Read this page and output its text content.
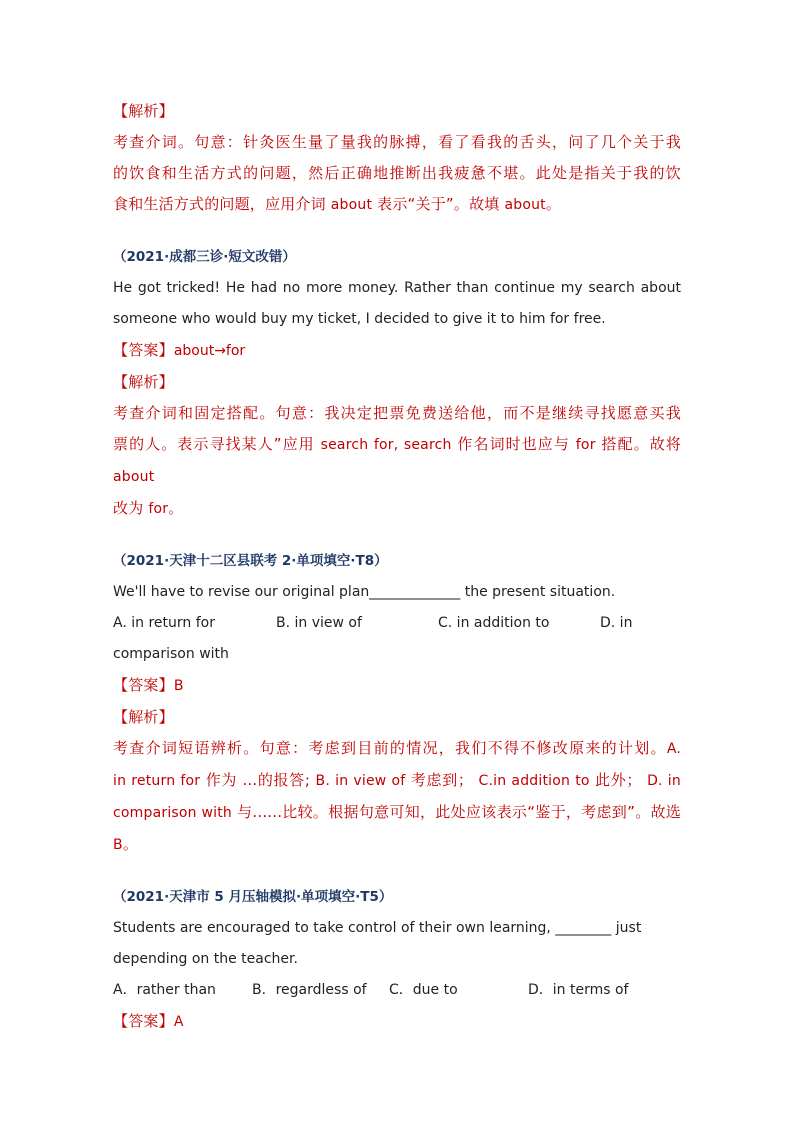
【解析】
考查介词。句意：针灸医生量了量我的脉搏，看了看我的舌头，问了几个关于我
的饮食和生活方式的问题，然后正确地推断出我疲惫不堪。此处是指关于我的饮
食和生活方式的问题，应用介词 about 表示“关于”。故填 about。
（2021·成都三诊·短文改错）
He got tricked! He had no more money. Rather than continue my search about
someone who would buy my ticket, I decided to give it to him for free.
【答案】about→for
【解析】
考查介词和固定搭配。句意：我决定把票免费送给他，而不是继续寻找愿意买我
票的人。表示寻找某人”应用 search for, search 作名词时也应与 for 搭配。故将 about
改为 for。
（2021·天津十二区县联考 2·单项填空·T8）
We'll have to revise our original plan_____________ the present situation.
A. in return for	B. in view of	C. in addition to	D. in
comparison with
【答案】B
【解析】
考查介词短语辨析。句意：考虑到目前的情况，我们不得不修改原来的计划。A.
in return for 作为 ...的报答; B. in view of 考虑到； C.in addition to 此外； D. in
comparison with 与......比较。根据句意可知，此处应该表示“鉴于，考虑到”。故选
B。
（2021·天津市 5 月压轴模拟·单项填空·T5）
Students are encouraged to take control of their own learning, ________ just
depending on the teacher.
A．rather than	B．regardless of C．due to	D．in terms of
【答案】A
